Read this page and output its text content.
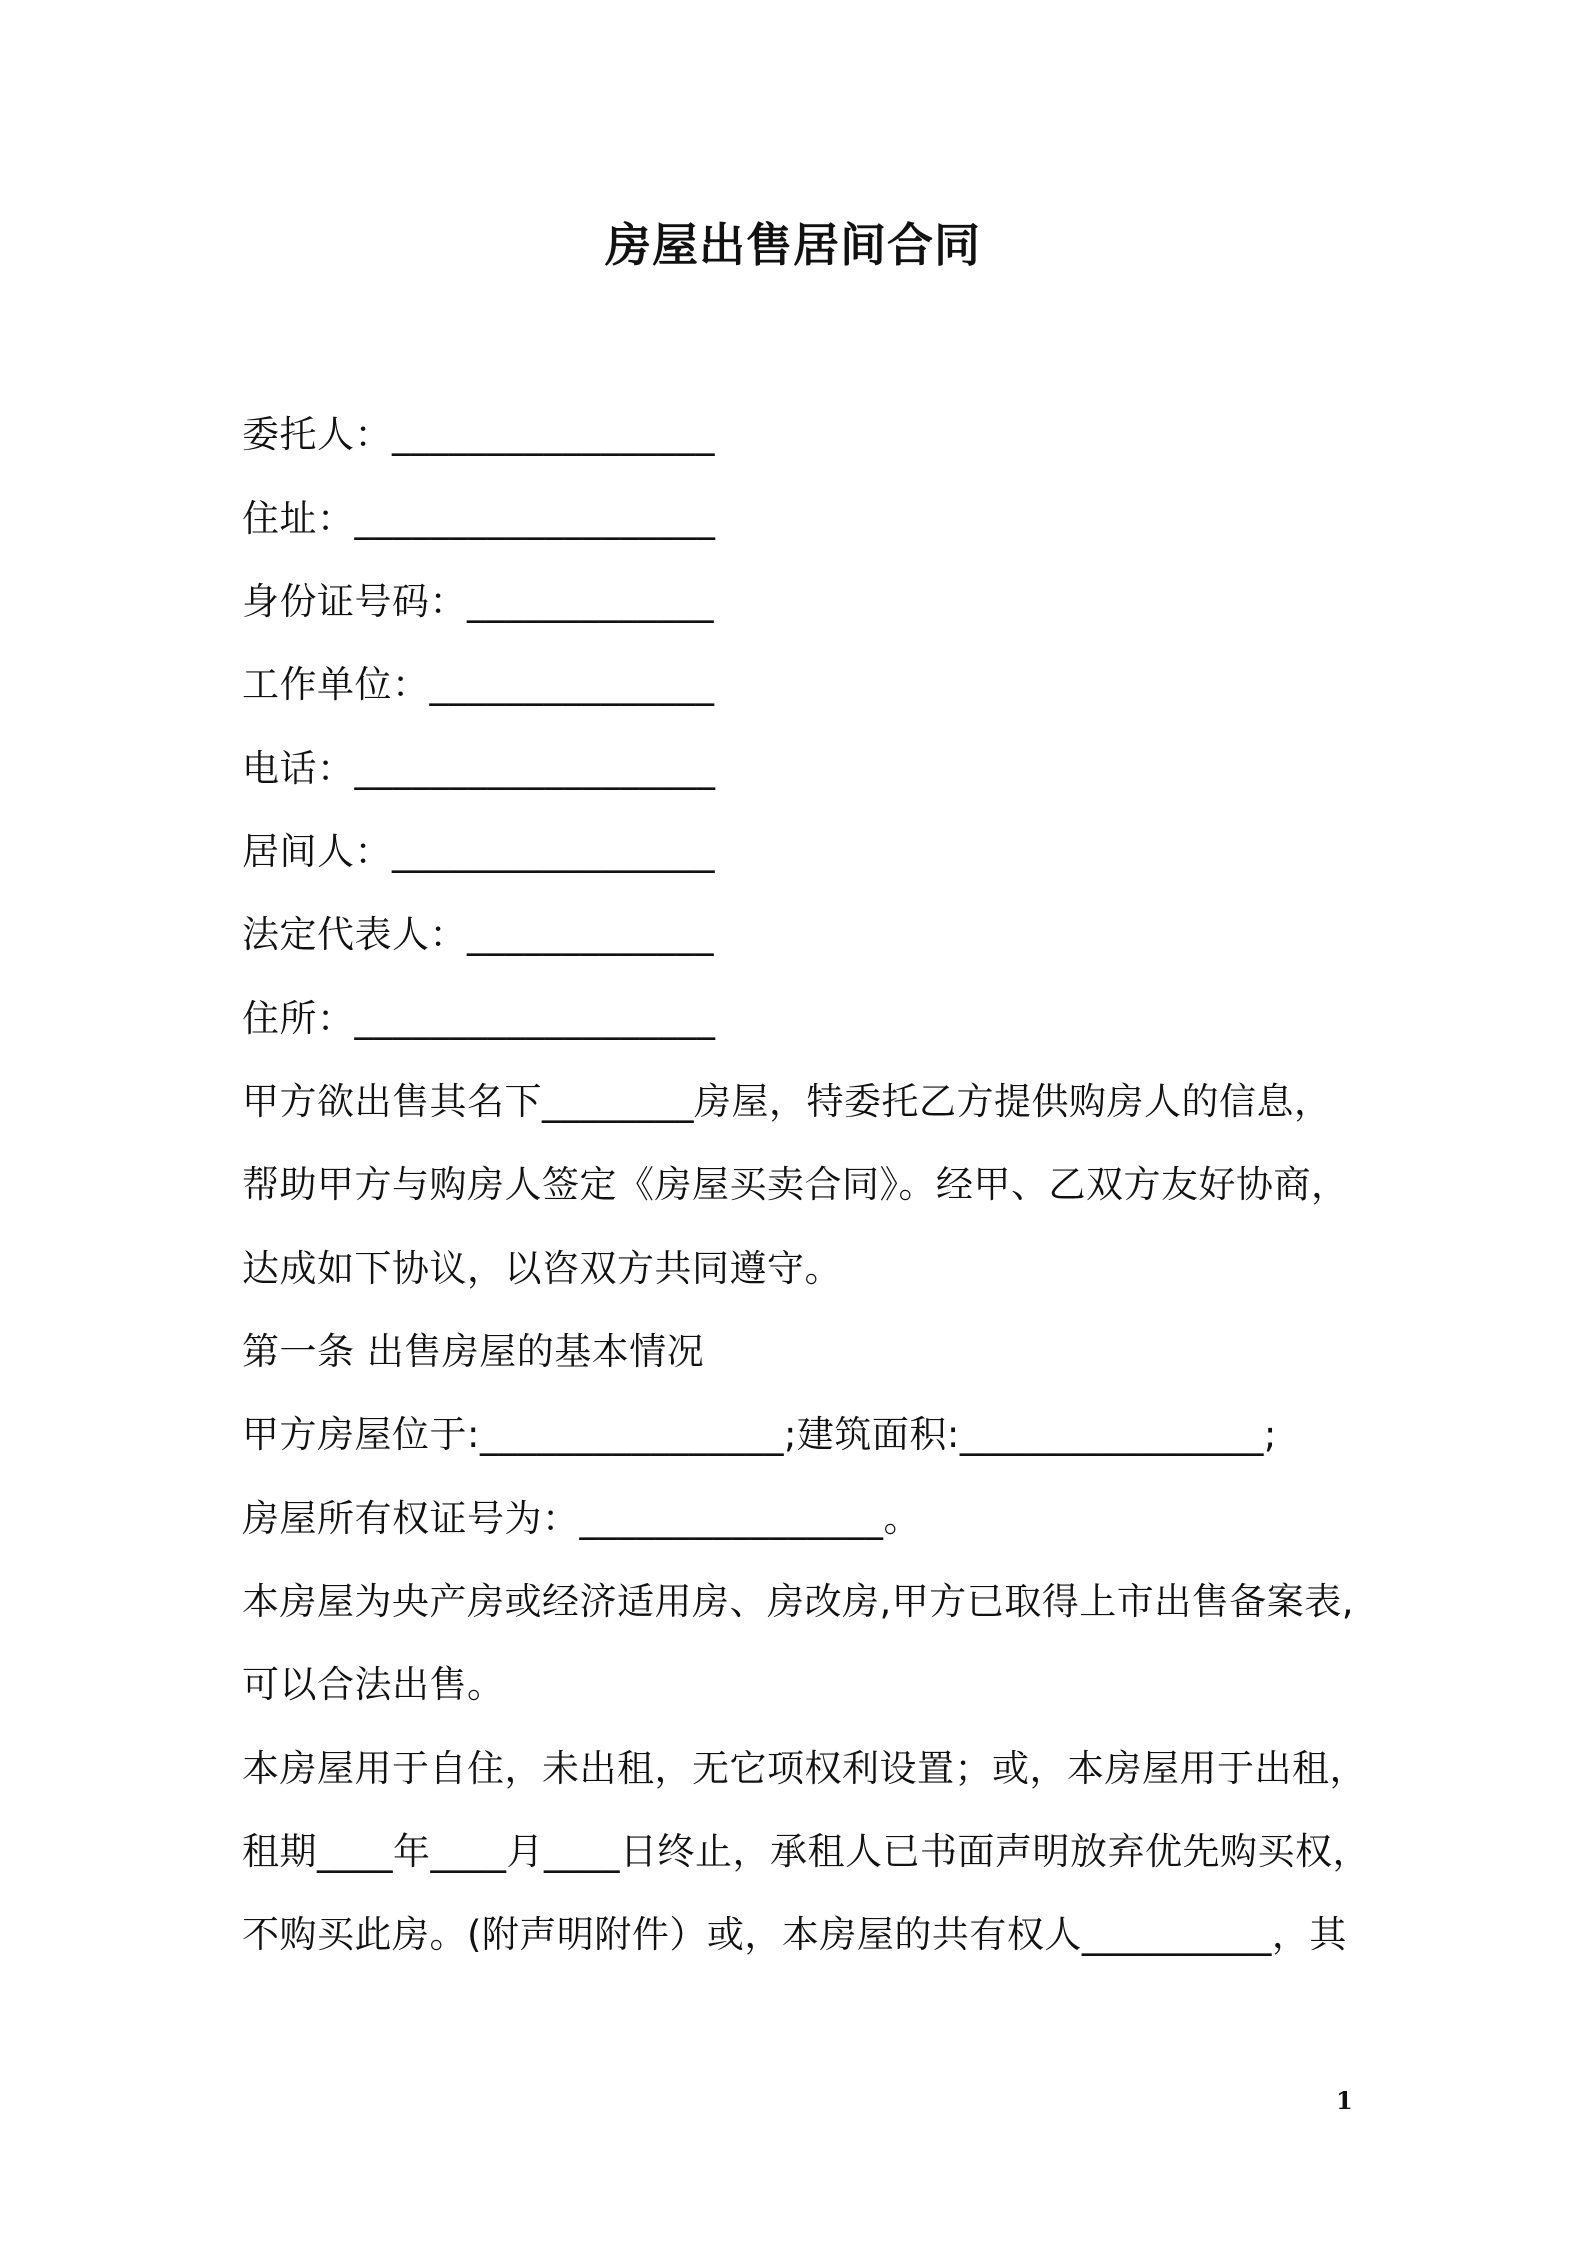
房屋出售居间合同
委托人：_________________
住址：___________________
身份证号码：_____________
工作单位：_______________
电话：___________________
居间人：_________________
法定代表人：_____________
住所：___________________
甲方欲出售其名下________房屋，特委托乙方提供购房人的信息，
帮助甲方与购房人签定《房屋买卖合同》。经甲、乙双方友好协商，
达成如下协议，以咨双方共同遵守。
第一条 出售房屋的基本情况
甲方房屋位于:________________;建筑面积:________________;
房屋所有权证号为：________________。
本房屋为央产房或经济适用房、房改房,甲方已取得上市出售备案表,
可以合法出售。
本房屋用于自住，未出租，无它项权利设置；或，本房屋用于出租，
租期____年____月____日终止，承租人已书面声明放弃优先购买权，
不购买此房。(附声明附件）或，本房屋的共有权人__________，其
1
